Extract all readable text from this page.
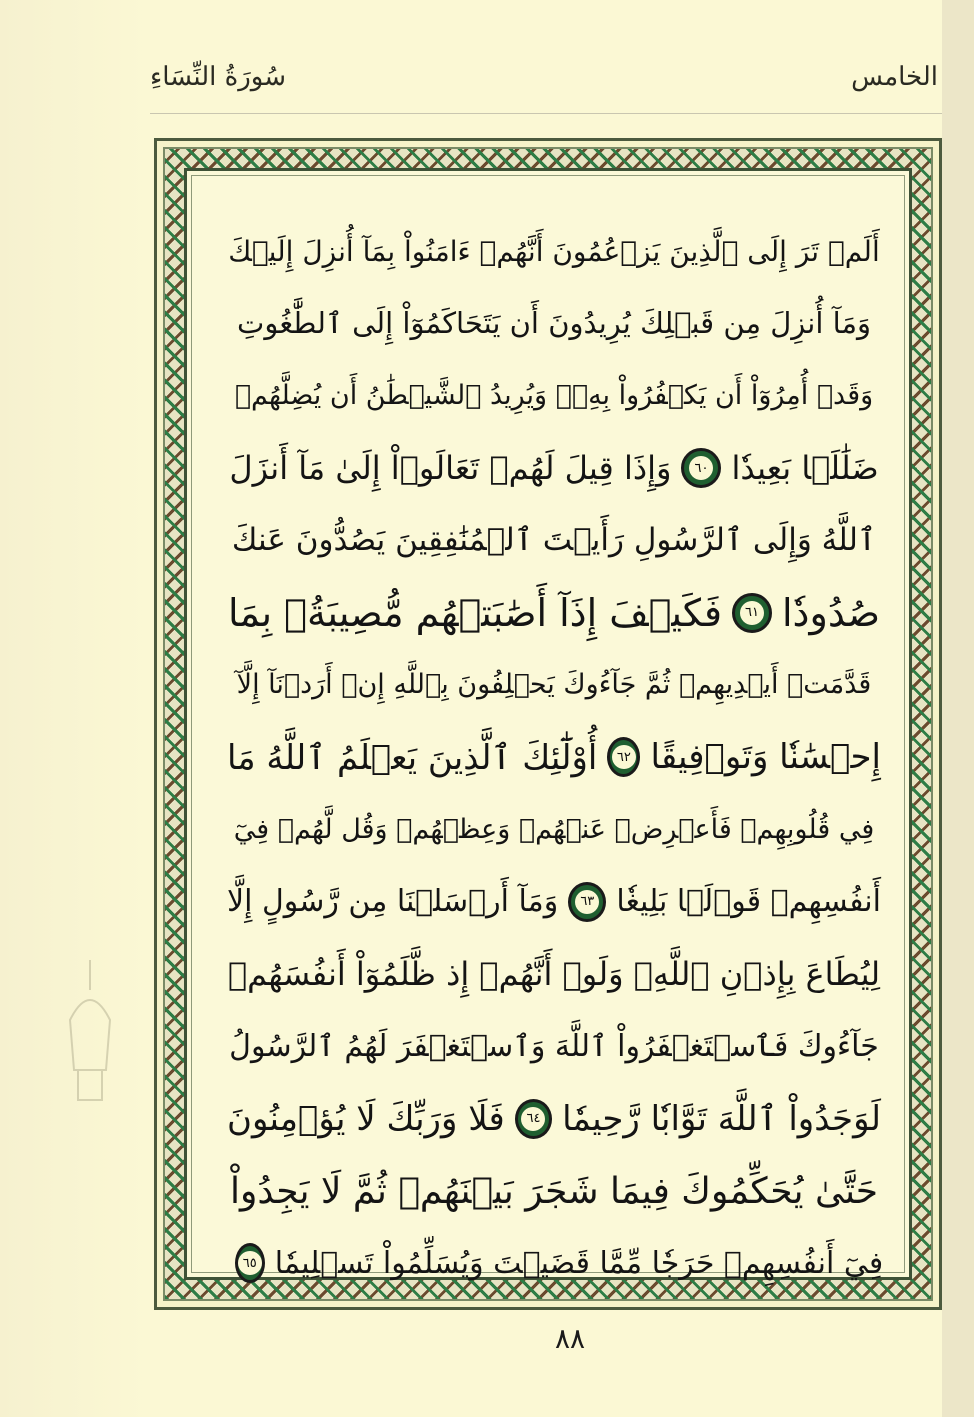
سُورَةُ النِّسَاءِ	الخامس
أَلَمۡ تَرَ إِلَى ٱلَّذِينَ يَزۡعُمُونَ أَنَّهُمۡ ءَامَنُواْ بِمَآ أُنزِلَ إِلَيۡكَ
وَمَآ أُنزِلَ مِن قَبۡلِكَ يُرِيدُونَ أَن يَتَحَاكَمُوٓاْ إِلَى ٱلطَّٰغُوتِ
وَقَدۡ أُمِرُوٓاْ أَن يَكۡفُرُواْ بِهِۦۖ وَيُرِيدُ ٱلشَّيۡطَٰنُ أَن يُضِلَّهُمۡ
ضَلَٰلَۢا بَعِيدٗا
٦٠
وَإِذَا قِيلَ لَهُمۡ تَعَالَوۡاْ إِلَىٰ مَآ أَنزَلَ
ٱللَّهُ وَإِلَى ٱلرَّسُولِ رَأَيۡتَ ٱلۡمُنَٰفِقِينَ يَصُدُّونَ عَنكَ
صُدُودٗا
٦١
فَكَيۡفَ إِذَآ أَصَٰبَتۡهُم مُّصِيبَةُۢ بِمَا
قَدَّمَتۡ أَيۡدِيهِمۡ ثُمَّ جَآءُوكَ يَحۡلِفُونَ بِٱللَّهِ إِنۡ أَرَدۡنَآ إِلَّآ
إِحۡسَٰنٗا وَتَوۡفِيقًا
٦٢
أُوْلَٰٓئِكَ ٱلَّذِينَ يَعۡلَمُ ٱللَّهُ مَا
فِي قُلُوبِهِمۡ فَأَعۡرِضۡ عَنۡهُمۡ وَعِظۡهُمۡ وَقُل لَّهُمۡ فِيٓ
أَنفُسِهِمۡ قَوۡلَۢا بَلِيغٗا
٦٣
وَمَآ أَرۡسَلۡنَا مِن رَّسُولٍ إِلَّا
لِيُطَاعَ بِإِذۡنِ ٱللَّهِۚ وَلَوۡ أَنَّهُمۡ إِذ ظَّلَمُوٓاْ أَنفُسَهُمۡ
جَآءُوكَ فَٱسۡتَغۡفَرُواْ ٱللَّهَ وَٱسۡتَغۡفَرَ لَهُمُ ٱلرَّسُولُ
لَوَجَدُواْ ٱللَّهَ تَوَّابٗا رَّحِيمٗا
٦٤
فَلَا وَرَبِّكَ لَا يُؤۡمِنُونَ
حَتَّىٰ يُحَكِّمُوكَ فِيمَا شَجَرَ بَيۡنَهُمۡ ثُمَّ لَا يَجِدُواْ
فِيٓ أَنفُسِهِمۡ حَرَجٗا مِّمَّا قَضَيۡتَ وَيُسَلِّمُواْ تَسۡلِيمٗا
٦٥
٨٨
